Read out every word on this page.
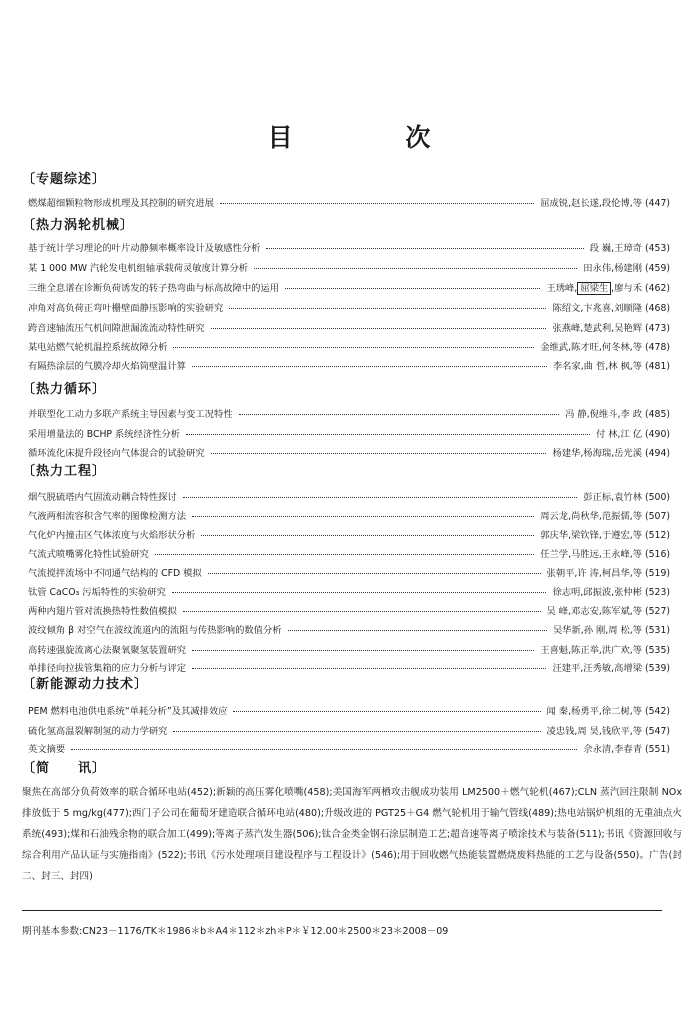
目 次
〔专题综述〕
燃煤超细颗粒物形成机理及其控制的研究进展	屈成锐,赵长遂,段伦博,等 (447)
〔热力涡轮机械〕
基于统计学习理论的叶片动静频率概率设计及敏感性分析	段 巍,王璋奇 (453)
某 1 000 MW 汽轮发电机组轴承载荷灵敏度计算分析	田永伟,杨建刚 (459)
三维全息谱在诊断负荷诱发的转子热弯曲与标高故障中的运用	王琇峰, 屈梁生 ,廖与禾 (462)
冲角对高负荷正弯叶栅壁面静压影响的实验研究	陈绍文,卞兆喜,刘顺隆 (468)
跨音速轴流压气机间隙泄漏流流动特性研究	张燕峰,楚武利,吴艳辉 (473)
某电站燃气轮机温控系统故障分析	金维武,陈才旺,何冬林,等 (478)
有隔热涂层的气膜冷却火焰筒壁温计算	李名家,曲 哲,林 枫,等 (481)
〔热力循环〕
并联型化工动力多联产系统主导因素与变工况特性	冯 静,倪维斗,李 政 (485)
采用增量法的 BCHP 系统经济性分析	付 林,江 亿 (490)
循环流化床提升段径向气体混合的试验研究	杨建华,杨海瑞,岳光溪 (494)
〔热力工程〕
烟气脱硫塔内气固流动耦合特性探讨	彭正标,袁竹林 (500)
气液两相流容积含气率的图像检测方法	周云龙,尚秋华,范振儒,等 (507)
气化炉内撞击区气体浓度与火焰形状分析	郭庆华,梁钦锋,于遵宏,等 (512)
气流式喷嘴雾化特性试验研究	任兰学,马胜远,王永峰,等 (516)
气流搅拌流场中不同通气结构的 CFD 模拟	张朝平,许 涛,柯昌华,等 (519)
钛管 CaCO₃ 污垢特性的实验研究	徐志明,邱振波,张仲彬 (523)
两种内翅片管对流换热特性数值模拟	吴 峰,邓志安,陈军斌,等 (527)
波纹倾角 β 对空气在波纹流道内的流阻与传热影响的数值分析	吴华新,孙 刚,周 松,等 (531)
高转速强旋流离心法聚氧聚氢装置研究	王喜魁,陈正举,洪广欢,等 (535)
单排径向拉拔管集箱的应力分析与评定	汪建平,汪秀敏,高增梁 (539)
〔新能源动力技术〕
PEM 燃料电池供电系统“单耗分析”及其减排效应	闻 秦,杨勇平,徐二树,等 (542)
硫化氢高温裂解制氢的动力学研究	凌忠钱,周 昊,钱欣平,等 (547)
英文摘要	佘永清,李春青 (551)
〔简　　讯〕
聚焦在高部分负荷效率的联合循环电站(452);新颖的高压雾化喷嘴(458);美国海军两栖攻击舰成功装用 LM2500＋燃气轮机(467);CLN 蒸汽回注限制 NOx 排放低于 5 mg/kg(477);西门子公司在葡萄牙建造联合循环电站(480);升级改进的 PGT25＋G4 燃气轮机用于输气管线(489);热电站锅炉机组的无重油点火系统(493);煤和石油残余物的联合加工(499);等离子蒸汽发生器(506);钛合金类金钢石涂层制造工艺;超音速等离子喷涂技术与装备(511);书讯《资源回收与综合利用产品认证与实施指南》(522);书讯《污水处理项目建设程序与工程设计》(546);用于回收燃气热能装置燃烧废料热能的工艺与设备(550)。广告(封二、封三、封四)
期刊基本参数:CN23－1176/TK＊1986＊b＊A4＊112＊zh＊P＊￥12.00＊2500＊23＊2008－09
